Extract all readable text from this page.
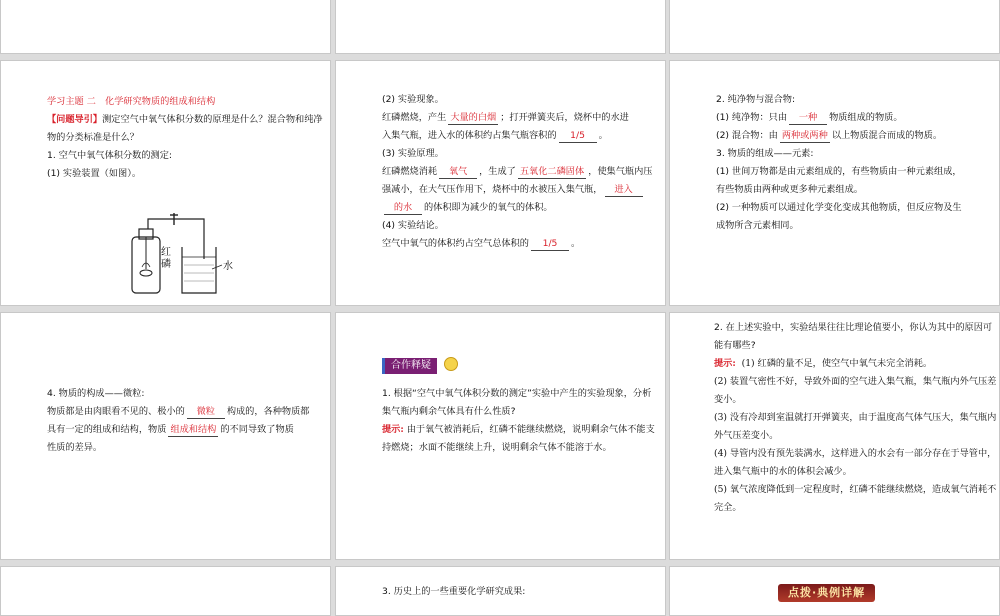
学习主题 二　化学研究物质的组成和结构
【问题导引】测定空气中氧气体积分数的原理是什么？混合物和纯净物的分类标准是什么？
1. 空气中氧气体积分数的测定:
(1) 实验装置（如图）。
红磷	水
(2) 实验现象。
红磷燃烧，产生 大量的白烟 ；打开弹簧夹后，烧杯中的水进
入集气瓶，进入水的体积约占集气瓶容积的 1/5 。
(3) 实验原理。
红磷燃烧消耗 氧气 ，生成了 五氧化二磷固体 ，使集气瓶内压
强减小，在大气压作用下，烧杯中的水被压入集气瓶， 进入
的水 的体积即为减少的氧气的体积。
(4) 实验结论。
空气中氧气的体积约占空气总体积的 1/5 。
2. 纯净物与混合物:
(1) 纯净物：只由 一种 物质组成的物质。
(2) 混合物：由 两种或两种 以上物质混合而成的物质。
3. 物质的组成——元素:
(1) 世间万物都是由元素组成的，有些物质由一种元素组成，
有些物质由两种或更多种元素组成。
(2) 一种物质可以通过化学变化变成其他物质，但反应物及生
成物所含元素相同。
4. 物质的构成——微粒:
物质都是由肉眼看不见的、极小的 微粒 构成的，各种物质都
具有一定的组成和结构，物质 组成和结构 的不同导致了物质
性质的差异。
合作释疑
1. 根据“空气中氧气体积分数的测定”实验中产生的实验现象，分析集气瓶内剩余气体具有什么性质?
提示: 由于氧气被消耗后，红磷不能继续燃烧，说明剩余气体不能支持燃烧；水面不能继续上升，说明剩余气体不能溶于水。
2. 在上述实验中，实验结果往往比理论值要小，你认为其中的原因可能有哪些?
提示: (1) 红磷的量不足，使空气中氧气未完全消耗。
(2) 装置气密性不好，导致外面的空气进入集气瓶，集气瓶内外气压差变小。
(3) 没有冷却到室温就打开弹簧夹，由于温度高气体气压大，集气瓶内外气压差变小。
(4) 导管内没有预先装满水，这样进入的水会有一部分存在于导管中，进入集气瓶中的水的体积会减少。
(5) 氧气浓度降低到一定程度时，红磷不能继续燃烧，造成氧气消耗不完全。
3. 历史上的一些重要化学研究成果:	点拨·典例详解
